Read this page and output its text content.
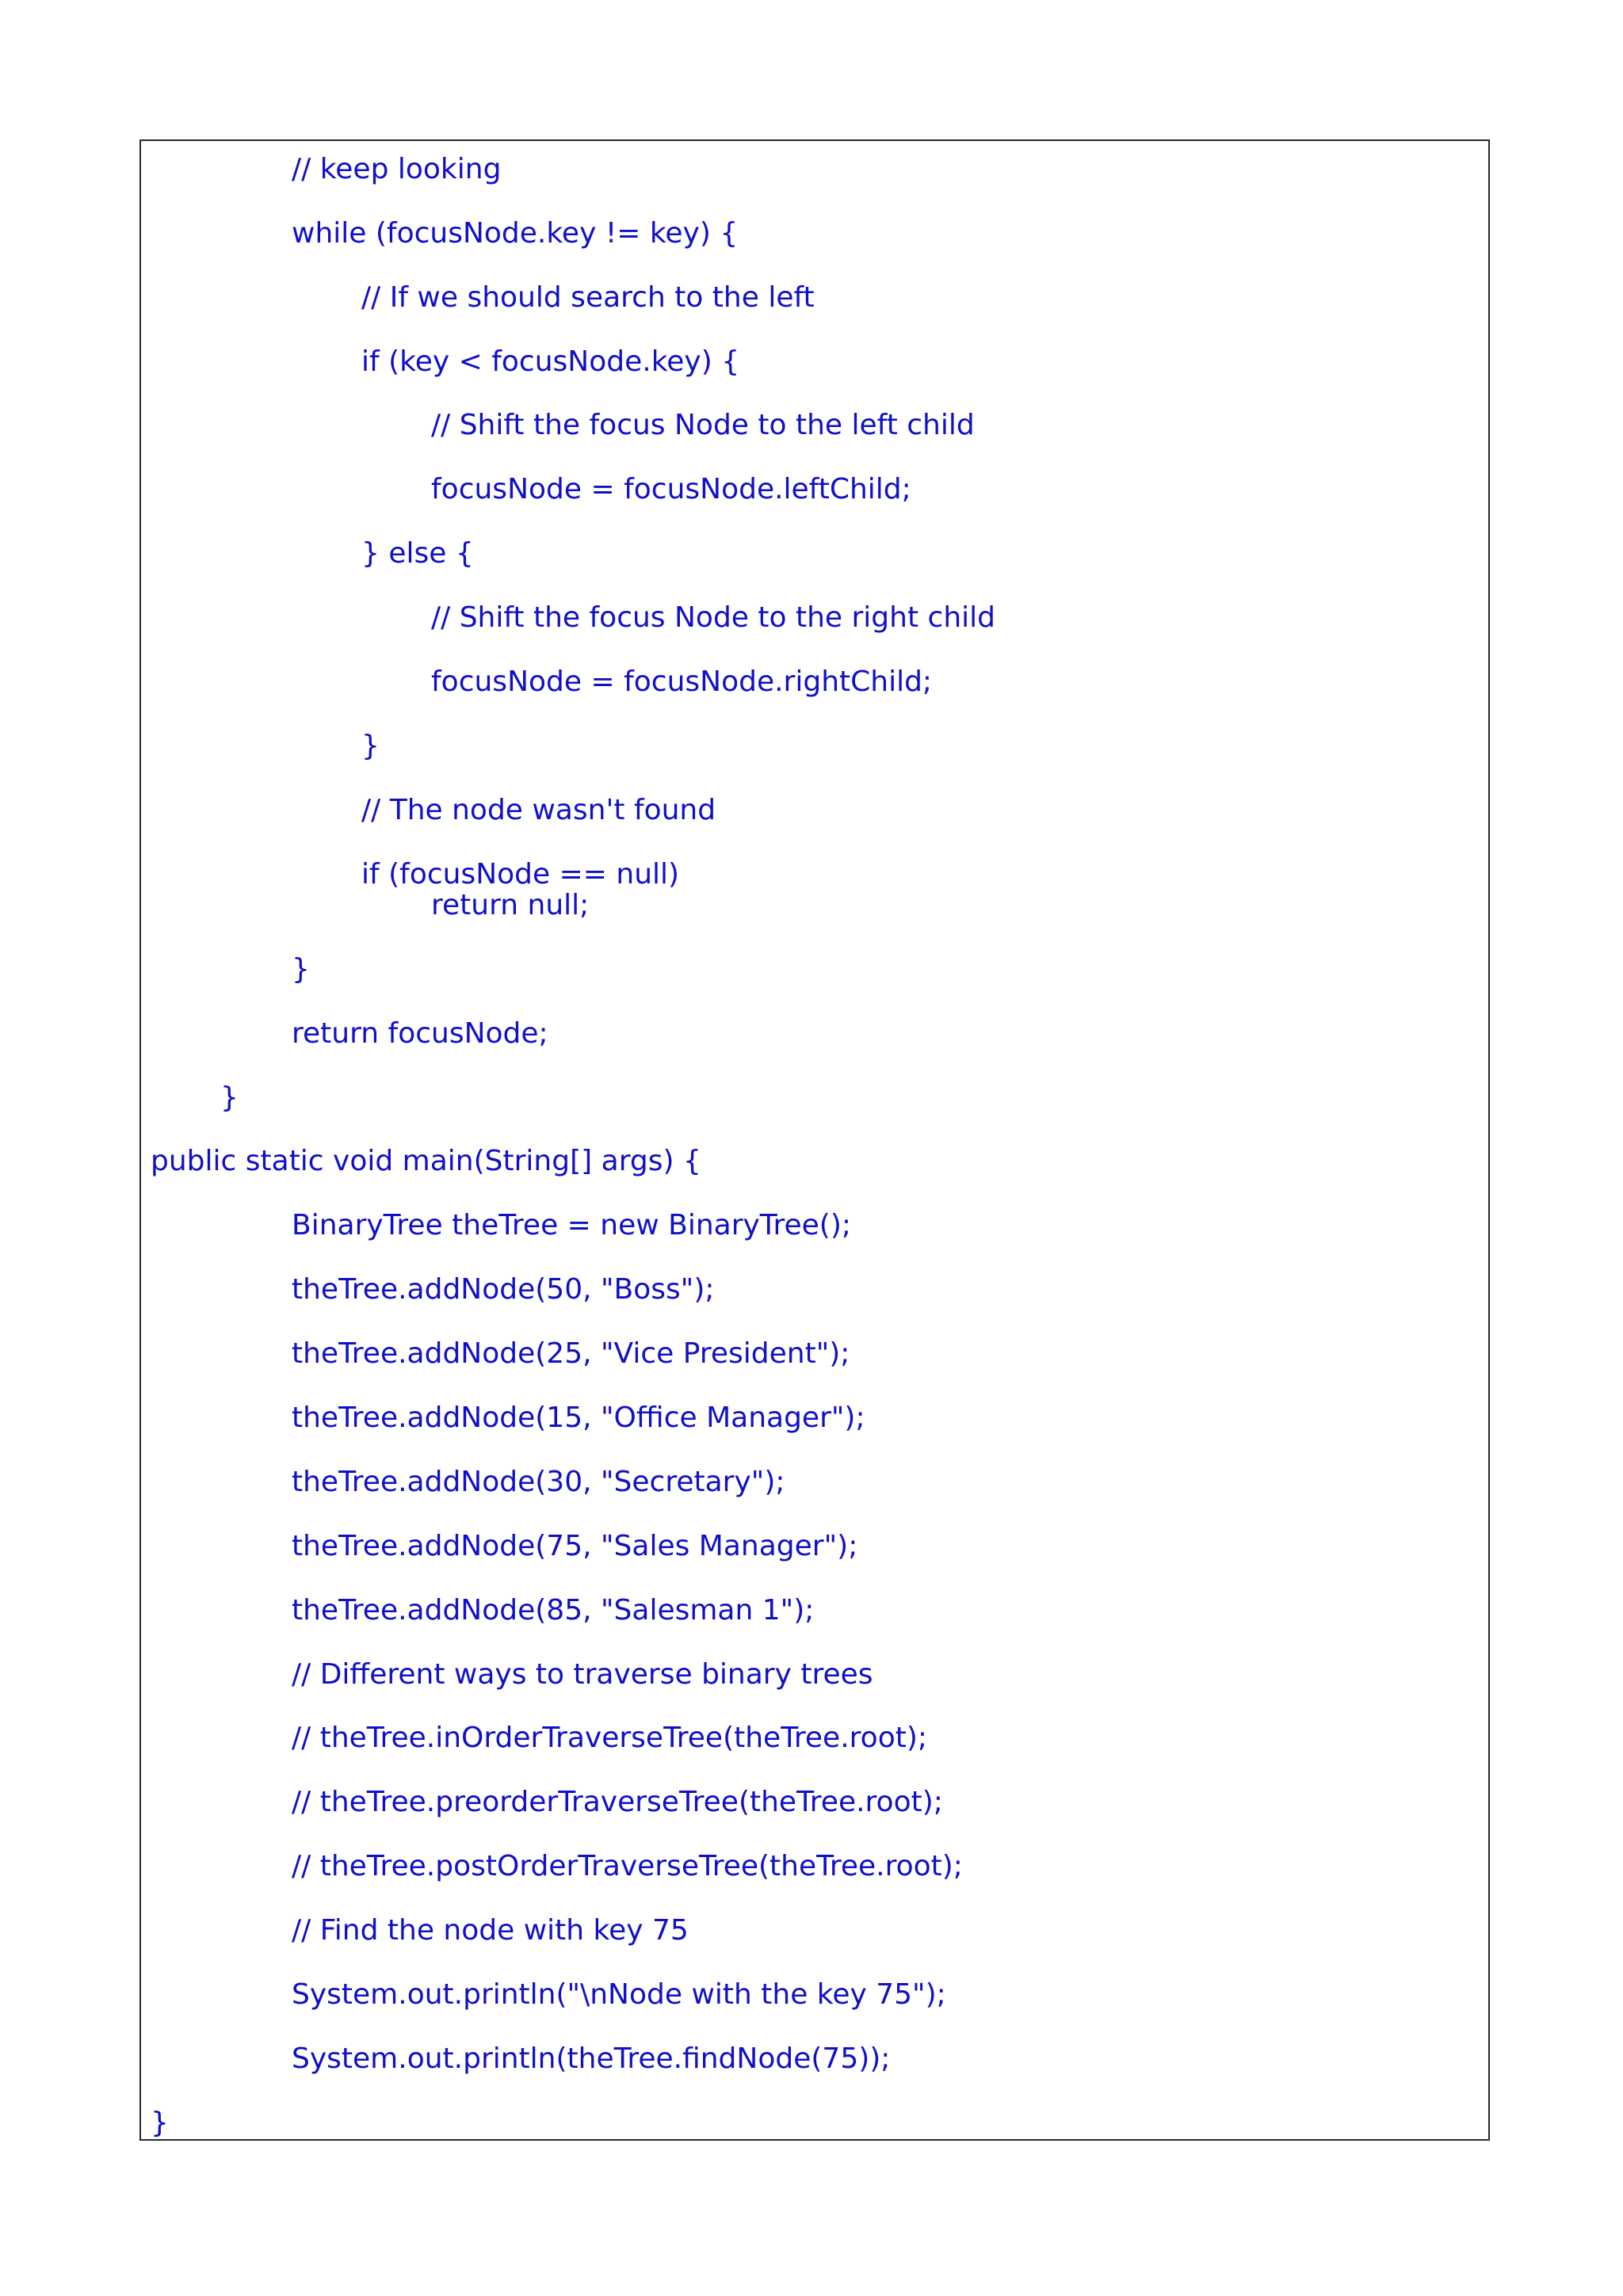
// keep looking
while (focusNode.key != key) {
// If we should search to the left
if (key < focusNode.key) {
// Shift the focus Node to the left child
focusNode = focusNode.leftChild;
} else {
// Shift the focus Node to the right child
focusNode = focusNode.rightChild;
}
// The node wasn't found
if (focusNode == null)
return null;
}
return focusNode;
}
public static void main(String[] args) {
BinaryTree theTree = new BinaryTree();
theTree.addNode(50, "Boss");
theTree.addNode(25, "Vice President");
theTree.addNode(15, "Office Manager");
theTree.addNode(30, "Secretary");
theTree.addNode(75, "Sales Manager");
theTree.addNode(85, "Salesman 1");
// Different ways to traverse binary trees
// theTree.inOrderTraverseTree(theTree.root);
// theTree.preorderTraverseTree(theTree.root);
// theTree.postOrderTraverseTree(theTree.root);
// Find the node with key 75
System.out.println("\nNode with the key 75");
System.out.println(theTree.findNode(75));
}
